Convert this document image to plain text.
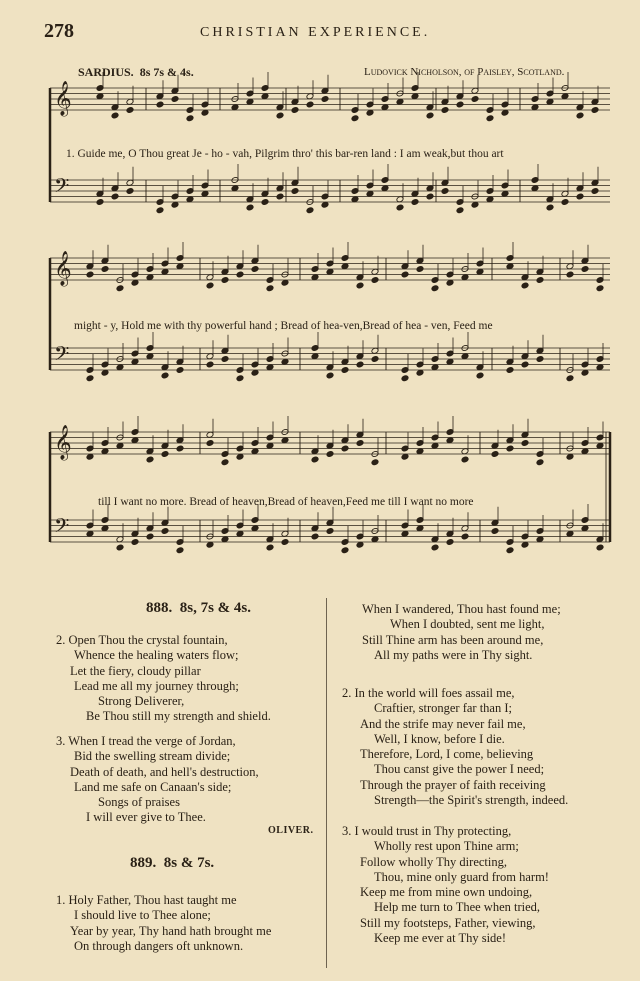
278	CHRISTIAN EXPERIENCE.
SARDIUS. 8s 7s & 4s.	Ludovick Nicholson, of Paisley, Scotland.
𝄞
𝄢
𝄞
𝄢
𝄞
𝄢
1. Guide me, O Thou great Je - ho - vah, Pilgrim thro' this bar-ren land : I am weak,but thou art
might - y, Hold me with thy powerful hand ; Bread of hea-ven,Bread of hea - ven, Feed me
till I want no more. Bread of heaven,Bread of heaven,Feed me till I want no more
888. 8s, 7s & 4s.
2. Open Thou the crystal fountain,
Whence the healing waters flow;
Let the fiery, cloudy pillar
Lead me all my journey through;
Strong Deliverer,
Be Thou still my strength and shield.
3. When I tread the verge of Jordan,
Bid the swelling stream divide;
Death of death, and hell's destruction,
Land me safe on Canaan's side;
Songs of praises
I will ever give to Thee.
OLIVER.
889. 8s & 7s.
1. Holy Father, Thou hast taught me
I should live to Thee alone;
Year by year, Thy hand hath brought me
On through dangers oft unknown.
When I wandered, Thou hast found me;
When I doubted, sent me light,
Still Thine arm has been around me,
All my paths were in Thy sight.
2. In the world will foes assail me,
Craftier, stronger far than I;
And the strife may never fail me,
Well, I know, before I die.
Therefore, Lord, I come, believing
Thou canst give the power I need;
Through the prayer of faith receiving
Strength—the Spirit's strength, indeed.
3. I would trust in Thy protecting,
Wholly rest upon Thine arm;
Follow wholly Thy directing,
Thou, mine only guard from harm!
Keep me from mine own undoing,
Help me turn to Thee when tried,
Still my footsteps, Father, viewing,
Keep me ever at Thy side!
